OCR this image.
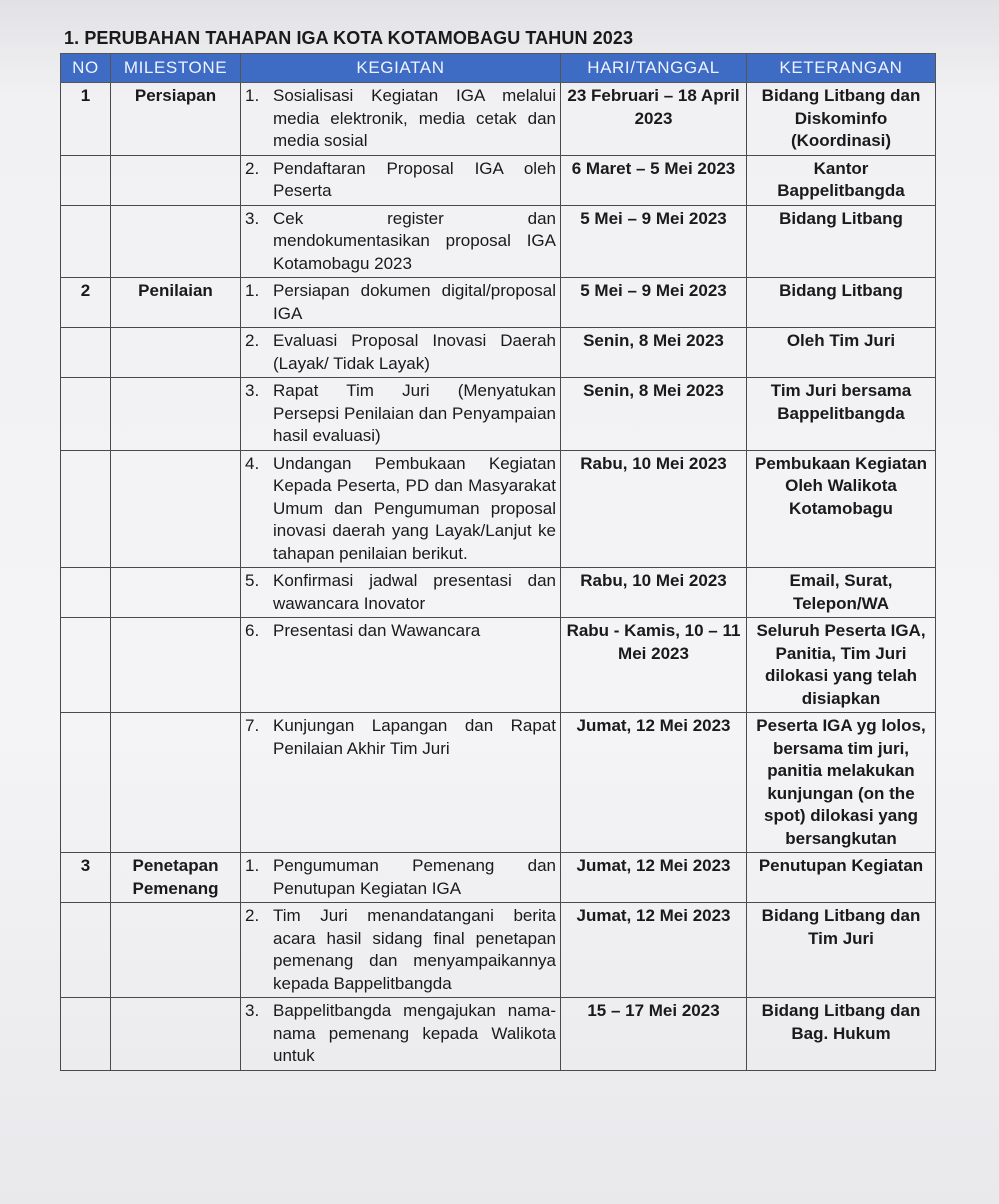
1. PERUBAHAN TAHAPAN IGA KOTA KOTAMOBAGU TAHUN 2023
NO	MILESTONE	KEGIATAN	HARI/TANGGAL	KETERANGAN
1	Persiapan	1. Sosialisasi Kegiatan IGA melalui media elektronik, media cetak dan media sosial	23 Februari – 18 April 2023	Bidang Litbang dan Diskominfo (Koordinasi)

		2. Pendaftaran Proposal IGA oleh Peserta	6 Maret – 5 Mei 2023	Kantor Bappelitbangda

		3. Cek register dan mendokumentasikan proposal IGA Kotamobagu 2023	5 Mei – 9 Mei 2023	Bidang Litbang
2	Penilaian	1. Persiapan dokumen digital/proposal IGA	5 Mei – 9 Mei 2023	Bidang Litbang

		2. Evaluasi Proposal Inovasi Daerah (Layak/ Tidak Layak)	Senin, 8 Mei 2023	Oleh Tim Juri

		3. Rapat Tim Juri (Menyatukan Persepsi Penilaian dan Penyampaian hasil evaluasi)	Senin, 8 Mei 2023	Tim Juri bersama Bappelitbangda

		4. Undangan Pembukaan Kegiatan Kepada Peserta, PD dan Masyarakat Umum dan Pengumuman proposal inovasi daerah yang Layak/Lanjut ke tahapan penilaian berikut.	Rabu, 10 Mei 2023	Pembukaan Kegiatan Oleh Walikota Kotamobagu

		5. Konfirmasi jadwal presentasi dan wawancara Inovator	Rabu, 10 Mei 2023	Email, Surat, Telepon/WA

		6. Presentasi dan Wawancara	Rabu - Kamis, 10 – 11 Mei 2023	Seluruh Peserta IGA, Panitia, Tim Juri dilokasi yang telah disiapkan

		7. Kunjungan Lapangan dan Rapat Penilaian Akhir Tim Juri	Jumat, 12 Mei 2023	Peserta IGA yg lolos, bersama tim juri, panitia melakukan kunjungan (on the spot) dilokasi yang bersangkutan
3	Penetapan Pemenang	1. Pengumuman Pemenang dan Penutupan Kegiatan IGA	Jumat, 12 Mei 2023	Penutupan Kegiatan

		2. Tim Juri menandatangani berita acara hasil sidang final penetapan pemenang dan menyampaikannya kepada Bappelitbangda	Jumat, 12 Mei 2023	Bidang Litbang dan Tim Juri

		3. Bappelitbangda mengajukan nama-nama pemenang kepada Walikota untuk	15 – 17 Mei 2023	Bidang Litbang dan Bag. Hukum
